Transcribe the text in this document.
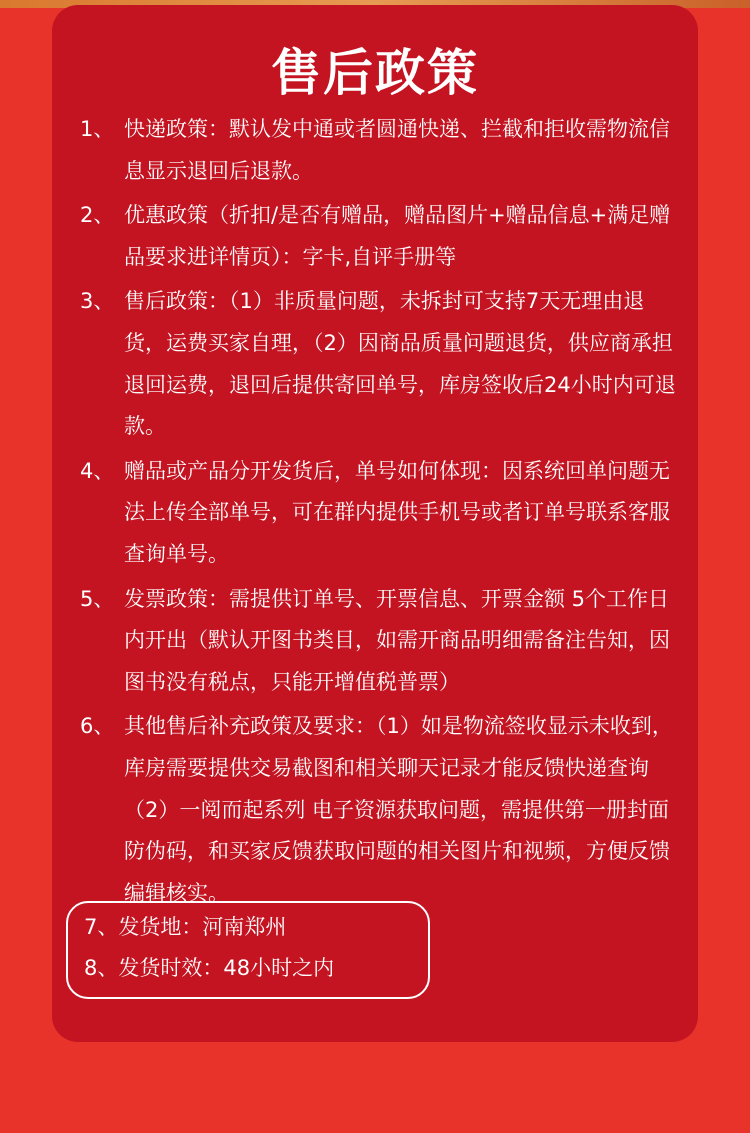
售后政策
1、 快递政策：默认发中通或者圆通快递、拦截和拒收需物流信息显示退回后退款。
2、 优惠政策（折扣/是否有赠品，赠品图片+赠品信息+满足赠品要求进详情页）：字卡,自评手册等
3、 售后政策：（1）非质量问题，未拆封可支持7天无理由退货，运费买家自理，（2）因商品质量问题退货，供应商承担退回运费，退回后提供寄回单号，库房签收后24小时内可退款。
4、 赠品或产品分开发货后，单号如何体现：因系统回单问题无法上传全部单号，可在群内提供手机号或者订单号联系客服查询单号。
5、 发票政策：需提供订单号、开票信息、开票金额 5个工作日内开出（默认开图书类目，如需开商品明细需备注告知，因图书没有税点，只能开增值税普票）
6、 其他售后补充政策及要求：（1）如是物流签收显示未收到，库房需要提供交易截图和相关聊天记录才能反馈快递查询（2）一阅而起系列 电子资源获取问题，需提供第一册封面防伪码，和买家反馈获取问题的相关图片和视频，方便反馈编辑核实。
7、发货地：河南郑州
8、发货时效：48小时之内
